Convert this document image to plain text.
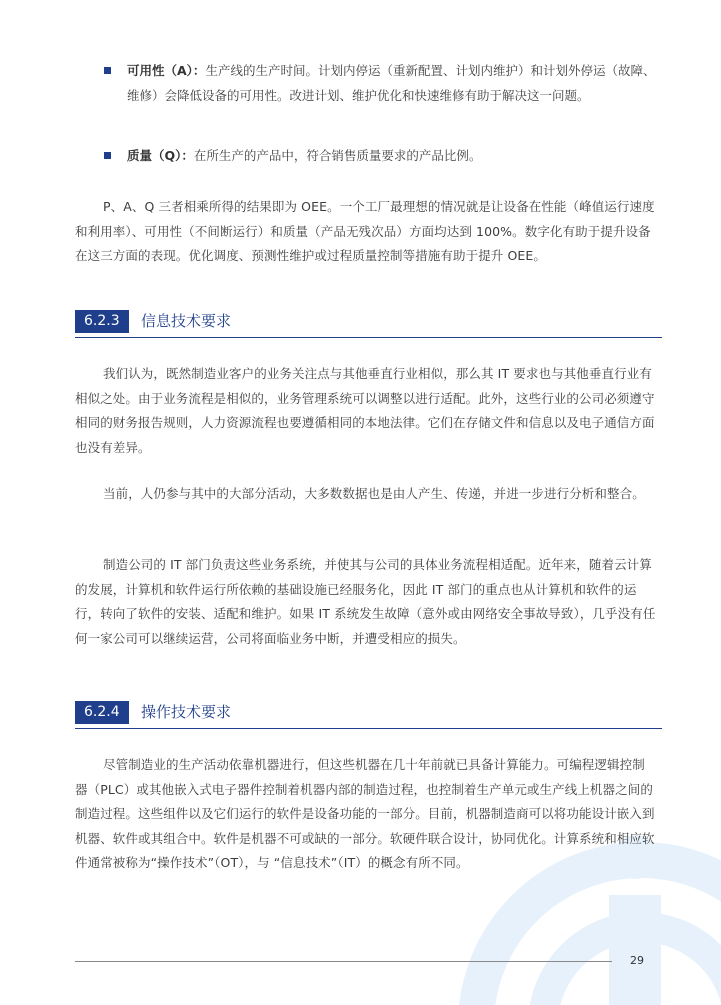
可用性（A）：生产线的生产时间。计划内停运（重新配置、计划内维护）和计划外停运（故障、维修）会降低设备的可用性。改进计划、维护优化和快速维修有助于解决这一问题。
质量（Q）：在所生产的产品中，符合销售质量要求的产品比例。

P、A、Q 三者相乘所得的结果即为 OEE。一个工厂最理想的情况就是让设备在性能（峰值运行速度和利用率）、可用性（不间断运行）和质量（产品无残次品）方面均达到 100%。数字化有助于提升设备在这三方面的表现。优化调度、预测性维护或过程质量控制等措施有助于提升 OEE。

6.2.3	信息技术要求

我们认为，既然制造业客户的业务关注点与其他垂直行业相似，那么其 IT 要求也与其他垂直行业有相似之处。由于业务流程是相似的，业务管理系统可以调整以进行适配。此外，这些行业的公司必须遵守相同的财务报告规则，人力资源流程也要遵循相同的本地法律。它们在存储文件和信息以及电子通信方面也没有差异。

当前，人仍参与其中的大部分活动，大多数数据也是由人产生、传递，并进一步进行分析和整合。

制造公司的 IT 部门负责这些业务系统，并使其与公司的具体业务流程相适配。近年来，随着云计算的发展，计算机和软件运行所依赖的基础设施已经服务化，因此 IT 部门的重点也从计算机和软件的运行，转向了软件的安装、适配和维护。如果 IT 系统发生故障（意外或由网络安全事故导致），几乎没有任何一家公司可以继续运营，公司将面临业务中断，并遭受相应的损失。

6.2.4	操作技术要求

尽管制造业的生产活动依靠机器进行，但这些机器在几十年前就已具备计算能力。可编程逻辑控制器（PLC）或其他嵌入式电子器件控制着机器内部的制造过程，也控制着生产单元或生产线上机器之间的制造过程。这些组件以及它们运行的软件是设备功能的一部分。目前，机器制造商可以将功能设计嵌入到机器、软件或其组合中。软件是机器不可或缺的一部分。软硬件联合设计，协同优化。计算系统和相应软件通常被称为“操作技术”（OT），与 “信息技术”（IT）的概念有所不同。

29
